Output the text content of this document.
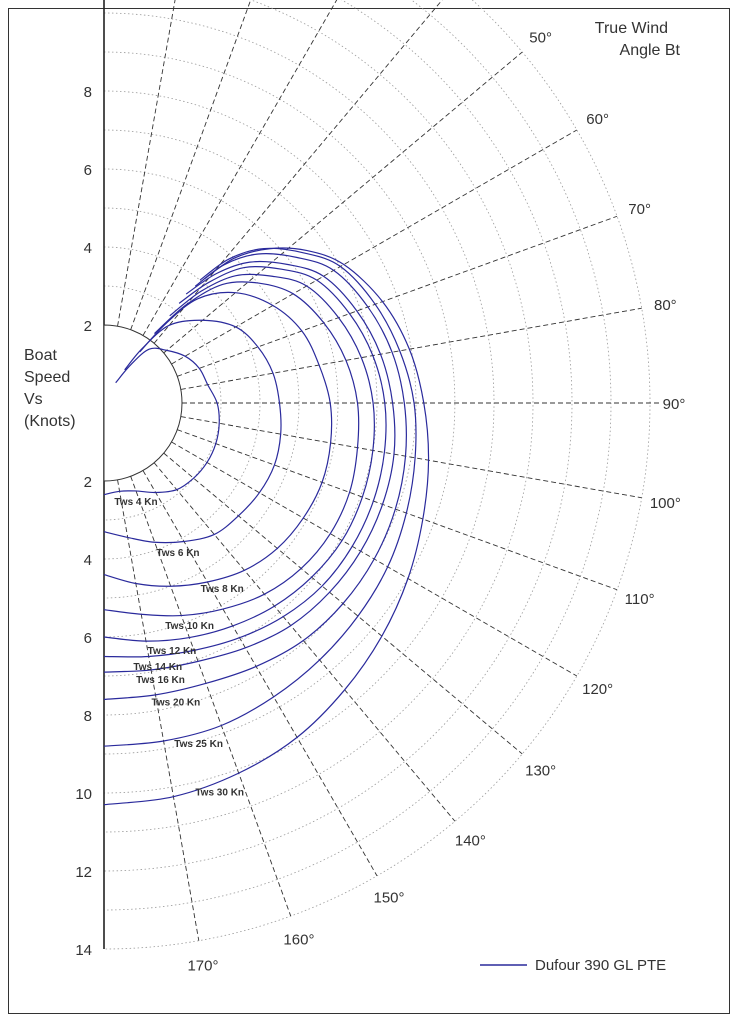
Tws 4 Kn
Tws 6 Kn
Tws 8 Kn
Tws 10 Kn
Tws 12 Kn
Tws 14 Kn
Tws 16 Kn
Tws 20 Kn
Tws 25 Kn
Tws 30 Kn
50°
60°
70°
80°
90°
100°
110°
120°
130°
140°
150°
160°
170°
8
6
4
2
2
4
6
8
10
12
14
True Wind
Angle Bt
Boat
Speed
Vs
(Knots)
Dufour 390 GL PTE
